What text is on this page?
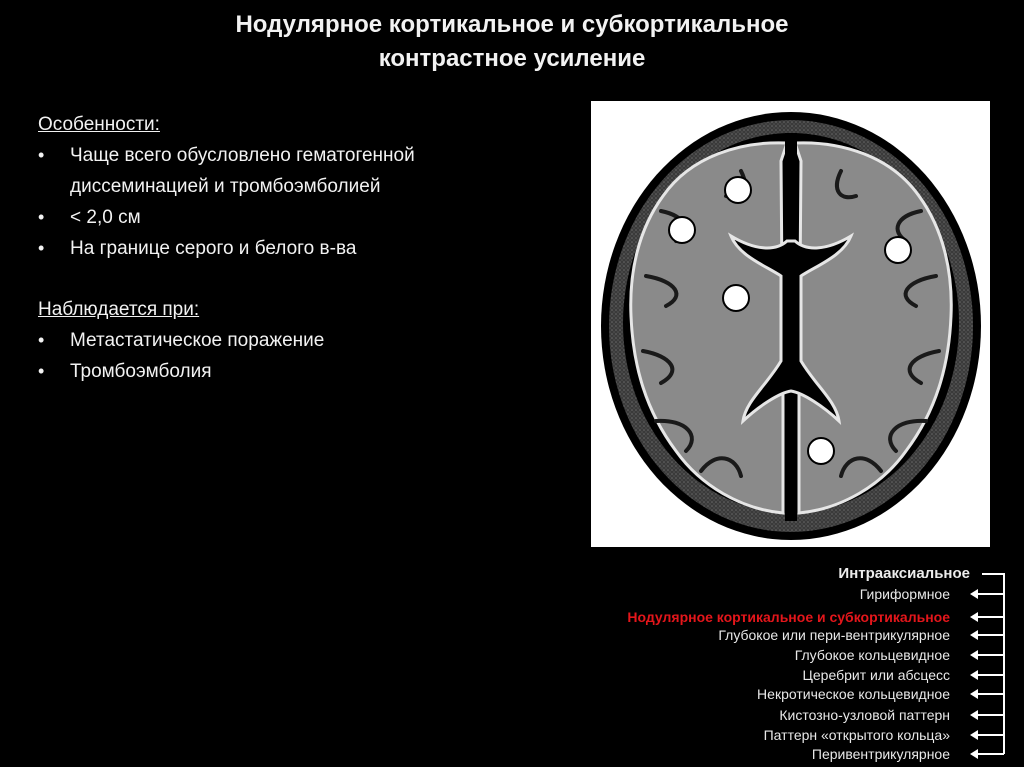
Нодулярное кортикальное и субкортикальное
контрастное усиление
Особенности:
• Чаще всего обусловлено гематогенной диссеминацией и тромбоэмболией
• < 2,0 см
• На границе серого и белого в-ва
Наблюдается при:
• Метастатическое поражение
• Тромбоэмболия
Интрааксиальное
Гириформное
Нодулярное кортикальное и субкортикальное
Глубокое или пери-вентрикулярное
Глубокое кольцевидное
Церебрит или абсцесс
Некротическое кольцевидное
Кистозно-узловой паттерн
Паттерн «открытого кольца»
Перивентрикулярное
